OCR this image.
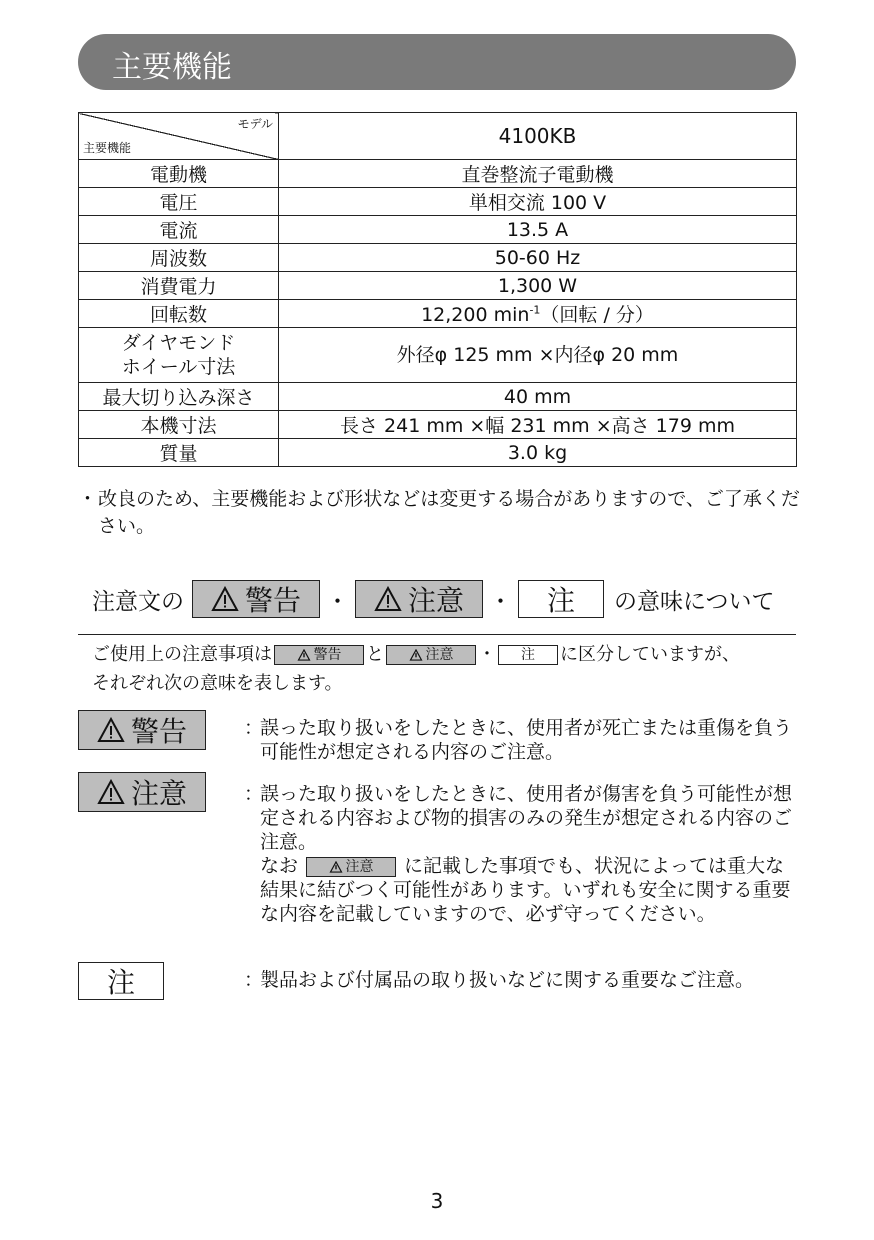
主要機能
モデル
主要機能	4100KB
電動機	直巻整流子電動機
電圧	単相交流 100 V
電流	13.5 A
周波数	50-60 Hz
消費電力	1,300 W
回転数	12,200 $\min^{-1}$（回転 / 分）
ダイヤモンド
ホイール寸法	外径φ 125 mm ×内径φ 20 mm
最大切り込み深さ	40 mm
本機寸法	長さ 241 mm ×幅 231 mm ×高さ 179 mm
質量	3.0 kg
・ 改良のため、主要機能および形状などは変更する場合がありますので、ご了承ください。
注意文の 警告 ・ 注意 ・ 注 の意味について
ご使用上の注意事項は	警告 と	注意 ・ 注 に区分していますが、
それぞれ次の意味を表します。
警告	：
誤った取り扱いをしたときに、使用者が死亡または重傷を負う可能性が想定される内容のご注意。
注意	：
誤った取り扱いをしたときに、使用者が傷害を負う可能性が想定される内容および物的損害のみの発生が想定される内容のご注意。
なお	注意 に記載した事項でも、状況によっては重大な結果に結びつく可能性があります。いずれも安全に関する重要な内容を記載していますので、必ず守ってください。
注	：
製品および付属品の取り扱いなどに関する重要なご注意。
3
